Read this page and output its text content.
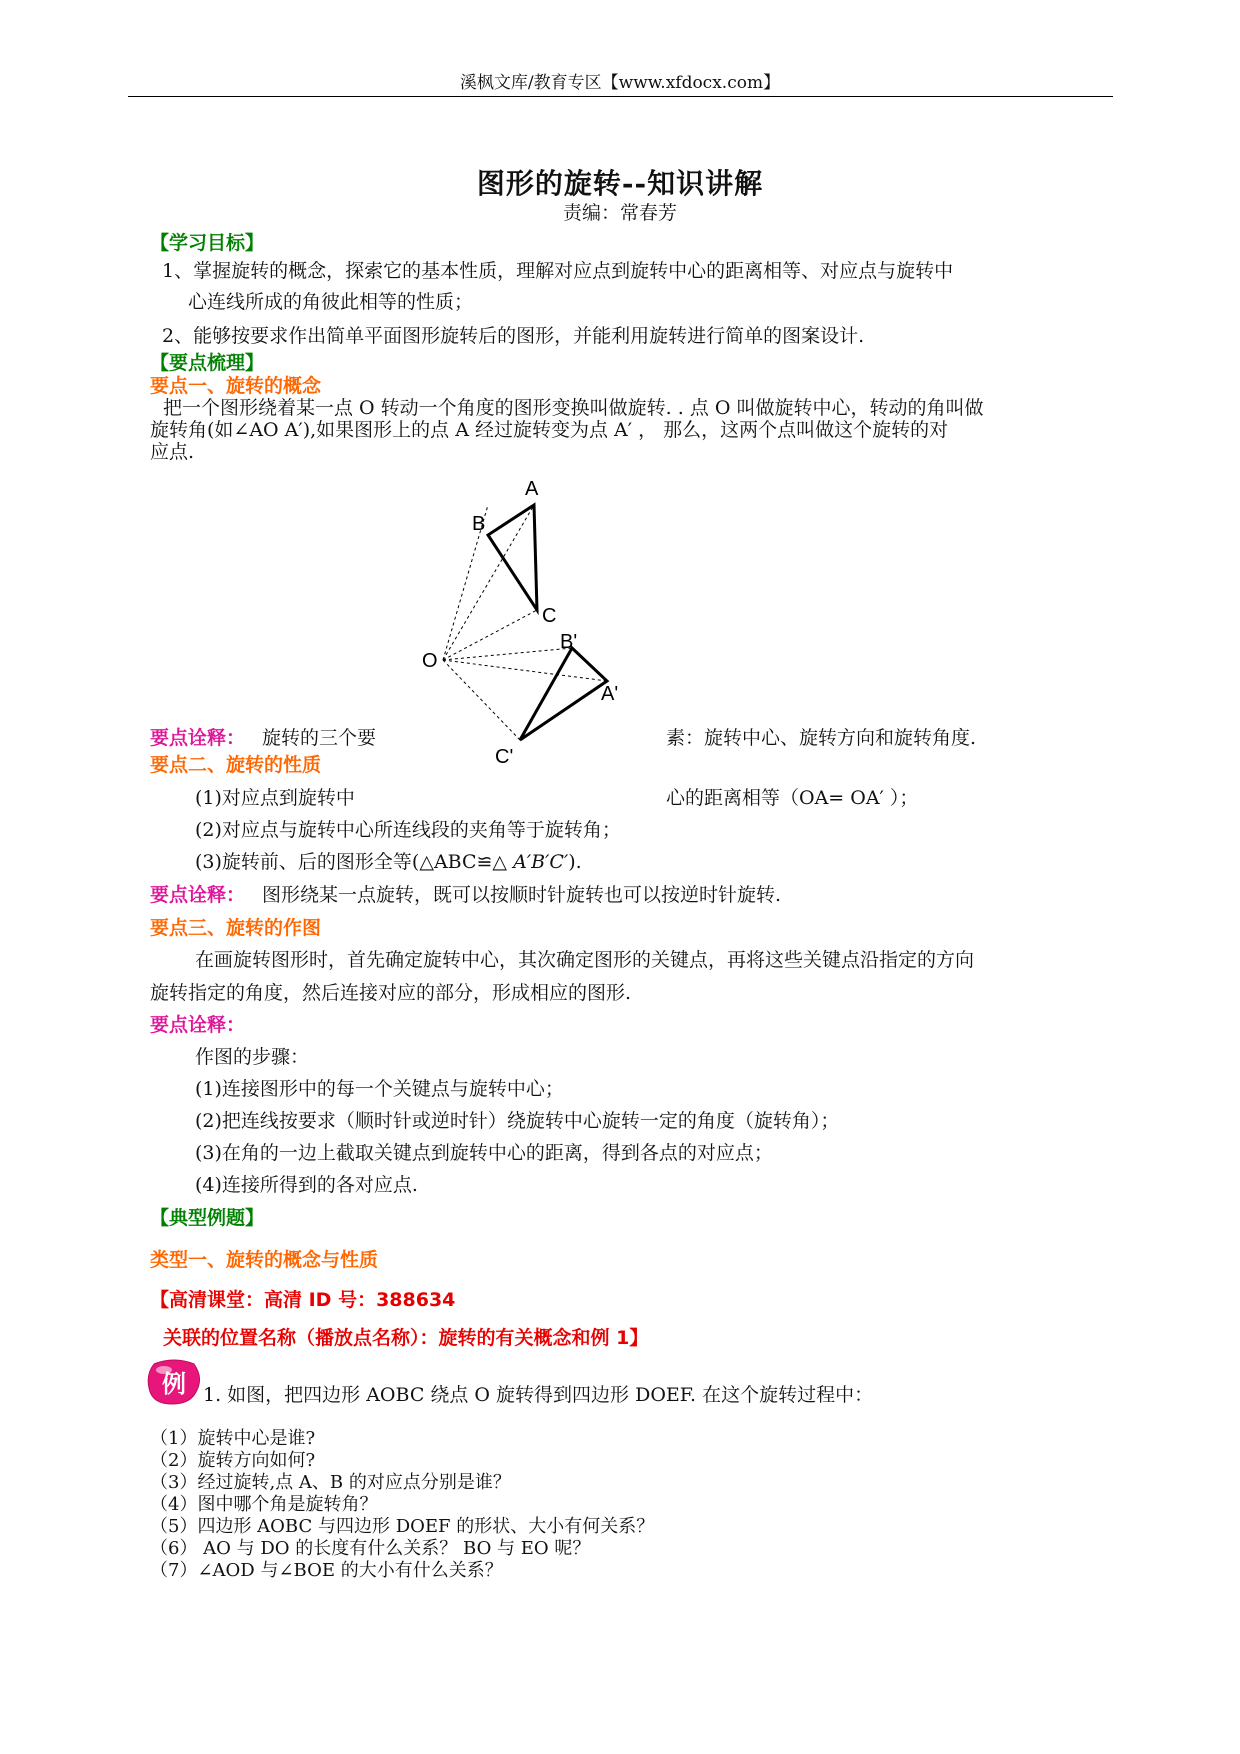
溪枫文库/教育专区【www.xfdocx.com】
图形的旋转--知识讲解
责编：常春芳
【学习目标】
1、掌握旋转的概念，探索它的基本性质，理解对应点到旋转中心的距离相等、对应点与旋转中
心连线所成的角彼此相等的性质；
2、能够按要求作出简单平面图形旋转后的图形，并能利用旋转进行简单的图案设计.
【要点梳理】
要点一、旋转的概念
把一个图形绕着某一点 O 转动一个角度的图形变换叫做旋转. . 点 O 叫做旋转中心，转动的角叫做
旋转角(如∠AO A′),如果图形上的点 A 经过旋转变为点 A′ ， 那么，这两个点叫做这个旋转的对
应点.
A
B
C
O
B'
A'
C'
要点诠释： 旋转的三个要	素：旋转中心、旋转方向和旋转角度.
要点二、旋转的性质
(1)对应点到旋转中	心的距离相等（OA= OA′ ）；
(2)对应点与旋转中心所连线段的夹角等于旋转角；
(3)旋转前、后的图形全等(△ABC≌△ A′B′C′).
要点诠释： 图形绕某一点旋转，既可以按顺时针旋转也可以按逆时针旋转.
要点三、旋转的作图
在画旋转图形时，首先确定旋转中心，其次确定图形的关键点，再将这些关键点沿指定的方向
旋转指定的角度，然后连接对应的部分，形成相应的图形.
要点诠释：
作图的步骤：
(1)连接图形中的每一个关键点与旋转中心；
(2)把连线按要求（顺时针或逆时针）绕旋转中心旋转一定的角度（旋转角）；
(3)在角的一边上截取关键点到旋转中心的距离，得到各点的对应点；
(4)连接所得到的各对应点.
【典型例题】
类型一、旋转的概念与性质
【高清课堂：高清 ID 号：388634
关联的位置名称（播放点名称）：旋转的有关概念和例 1】
例 1. 如图，把四边形 AOBC 绕点 O 旋转得到四边形 DOEF. 在这个旋转过程中：
（1）旋转中心是谁?
（2）旋转方向如何?
（3）经过旋转,点 A、B 的对应点分别是谁？
（4）图中哪个角是旋转角？
（5）四边形 AOBC 与四边形 DOEF 的形状、大小有何关系？
（6） AO 与 DO 的长度有什么关系？ BO 与 EO 呢？
（7）∠AOD 与∠BOE 的大小有什么关系？
